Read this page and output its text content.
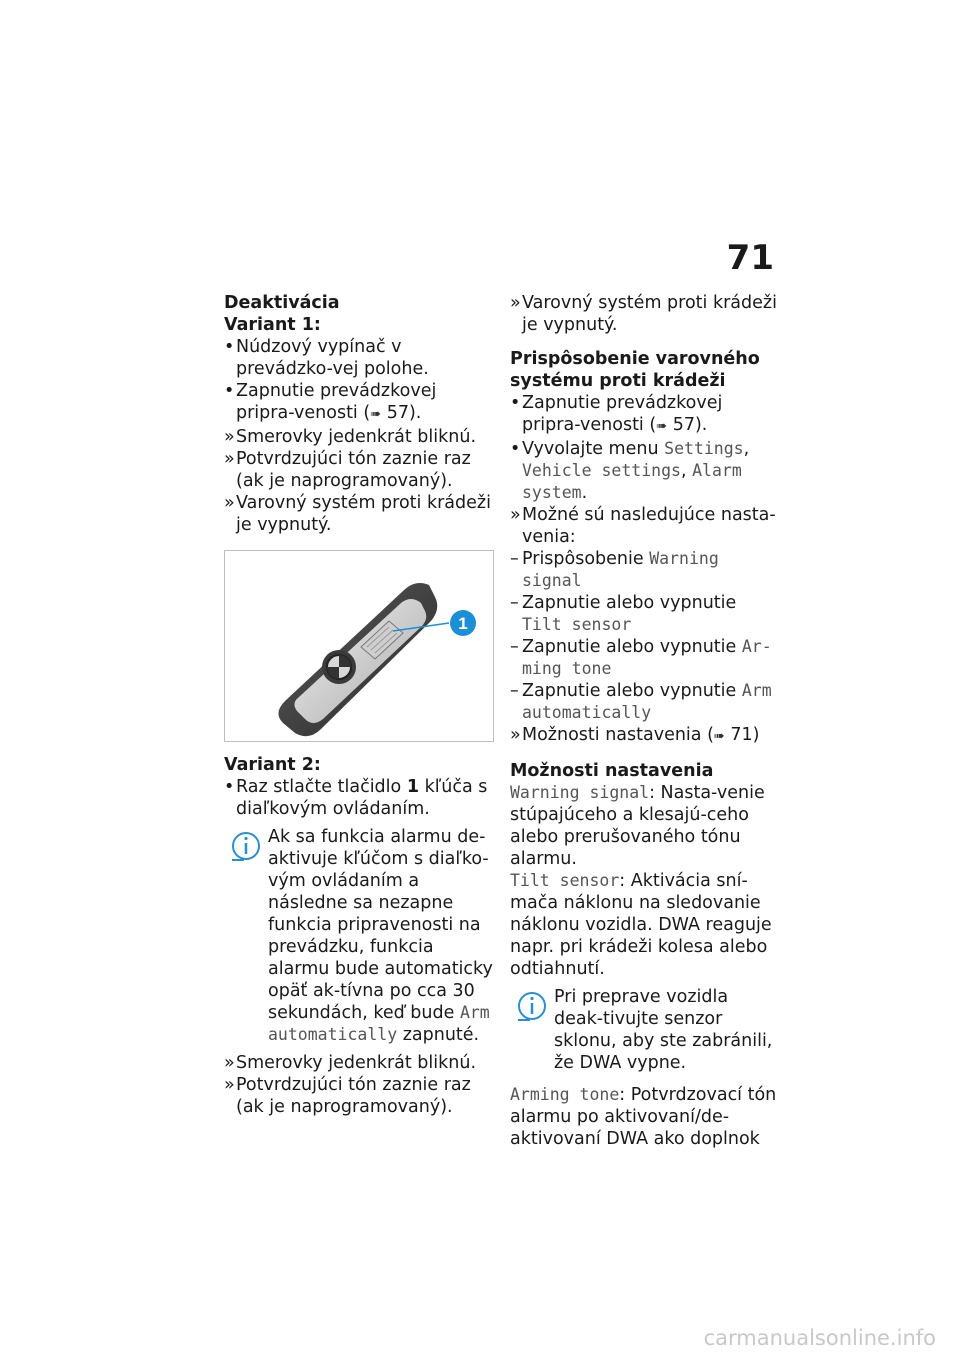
71

Deaktivácia

Variant 1:

• Núdzový vypínač v prevádzko-vej polohe.
• Zapnutie prevádzkovej pripra-venosti (➠ 57).
» Smerovky jedenkrát bliknú.
» Potvrdzujúci tón zaznie raz (ak je naprogramovaný).
» Varovný systém proti krádeži je vypnutý.
1

Variant 2:

• Raz stlačte tlačidlo 1 kľúča s diaľkovým ovládaním.

Ak sa funkcia alarmu de-aktivuje kľúčom s diaľko-vým ovládaním a následne sa nezapne funkcia pripravenosti na prevádzku, funkcia alarmu bude automaticky opäť ak-tívna po cca 30 sekundách, keď bude Arm automatically zapnuté.

» Smerovky jedenkrát bliknú.
» Potvrdzujúci tón zaznie raz (ak je naprogramovaný).
» Varovný systém proti krádeži je vypnutý.

Prispôsobenie varovného systému proti krádeži

• Zapnutie prevádzkovej pripra-venosti (➠ 57).
• Vyvolajte menu Settings, Vehicle settings, Alarm system.
» Možné sú nasledujúce nasta-venia:
– Prispôsobenie Warning signal
– Zapnutie alebo vypnutie Tilt sensor
– Zapnutie alebo vypnutie Ar-ming tone
– Zapnutie alebo vypnutie Arm automatically
» Možnosti nastavenia (➠ 71)

Možnosti nastavenia

Warning signal: Nasta-venie stúpajúceho a klesajú-ceho alebo prerušovaného tónu alarmu.

Tilt sensor: Aktivácia sní-mača náklonu na sledovanie náklonu vozidla. DWA reaguje napr. pri krádeži kolesa alebo odtiahnutí.

Pri preprave vozidla deak-tivujte senzor sklonu, aby ste zabránili, že DWA vypne.

Arming tone: Potvrdzovací tón alarmu po aktivovaní/de-aktivovaní DWA ako doplnok

carmanualsonline.info
